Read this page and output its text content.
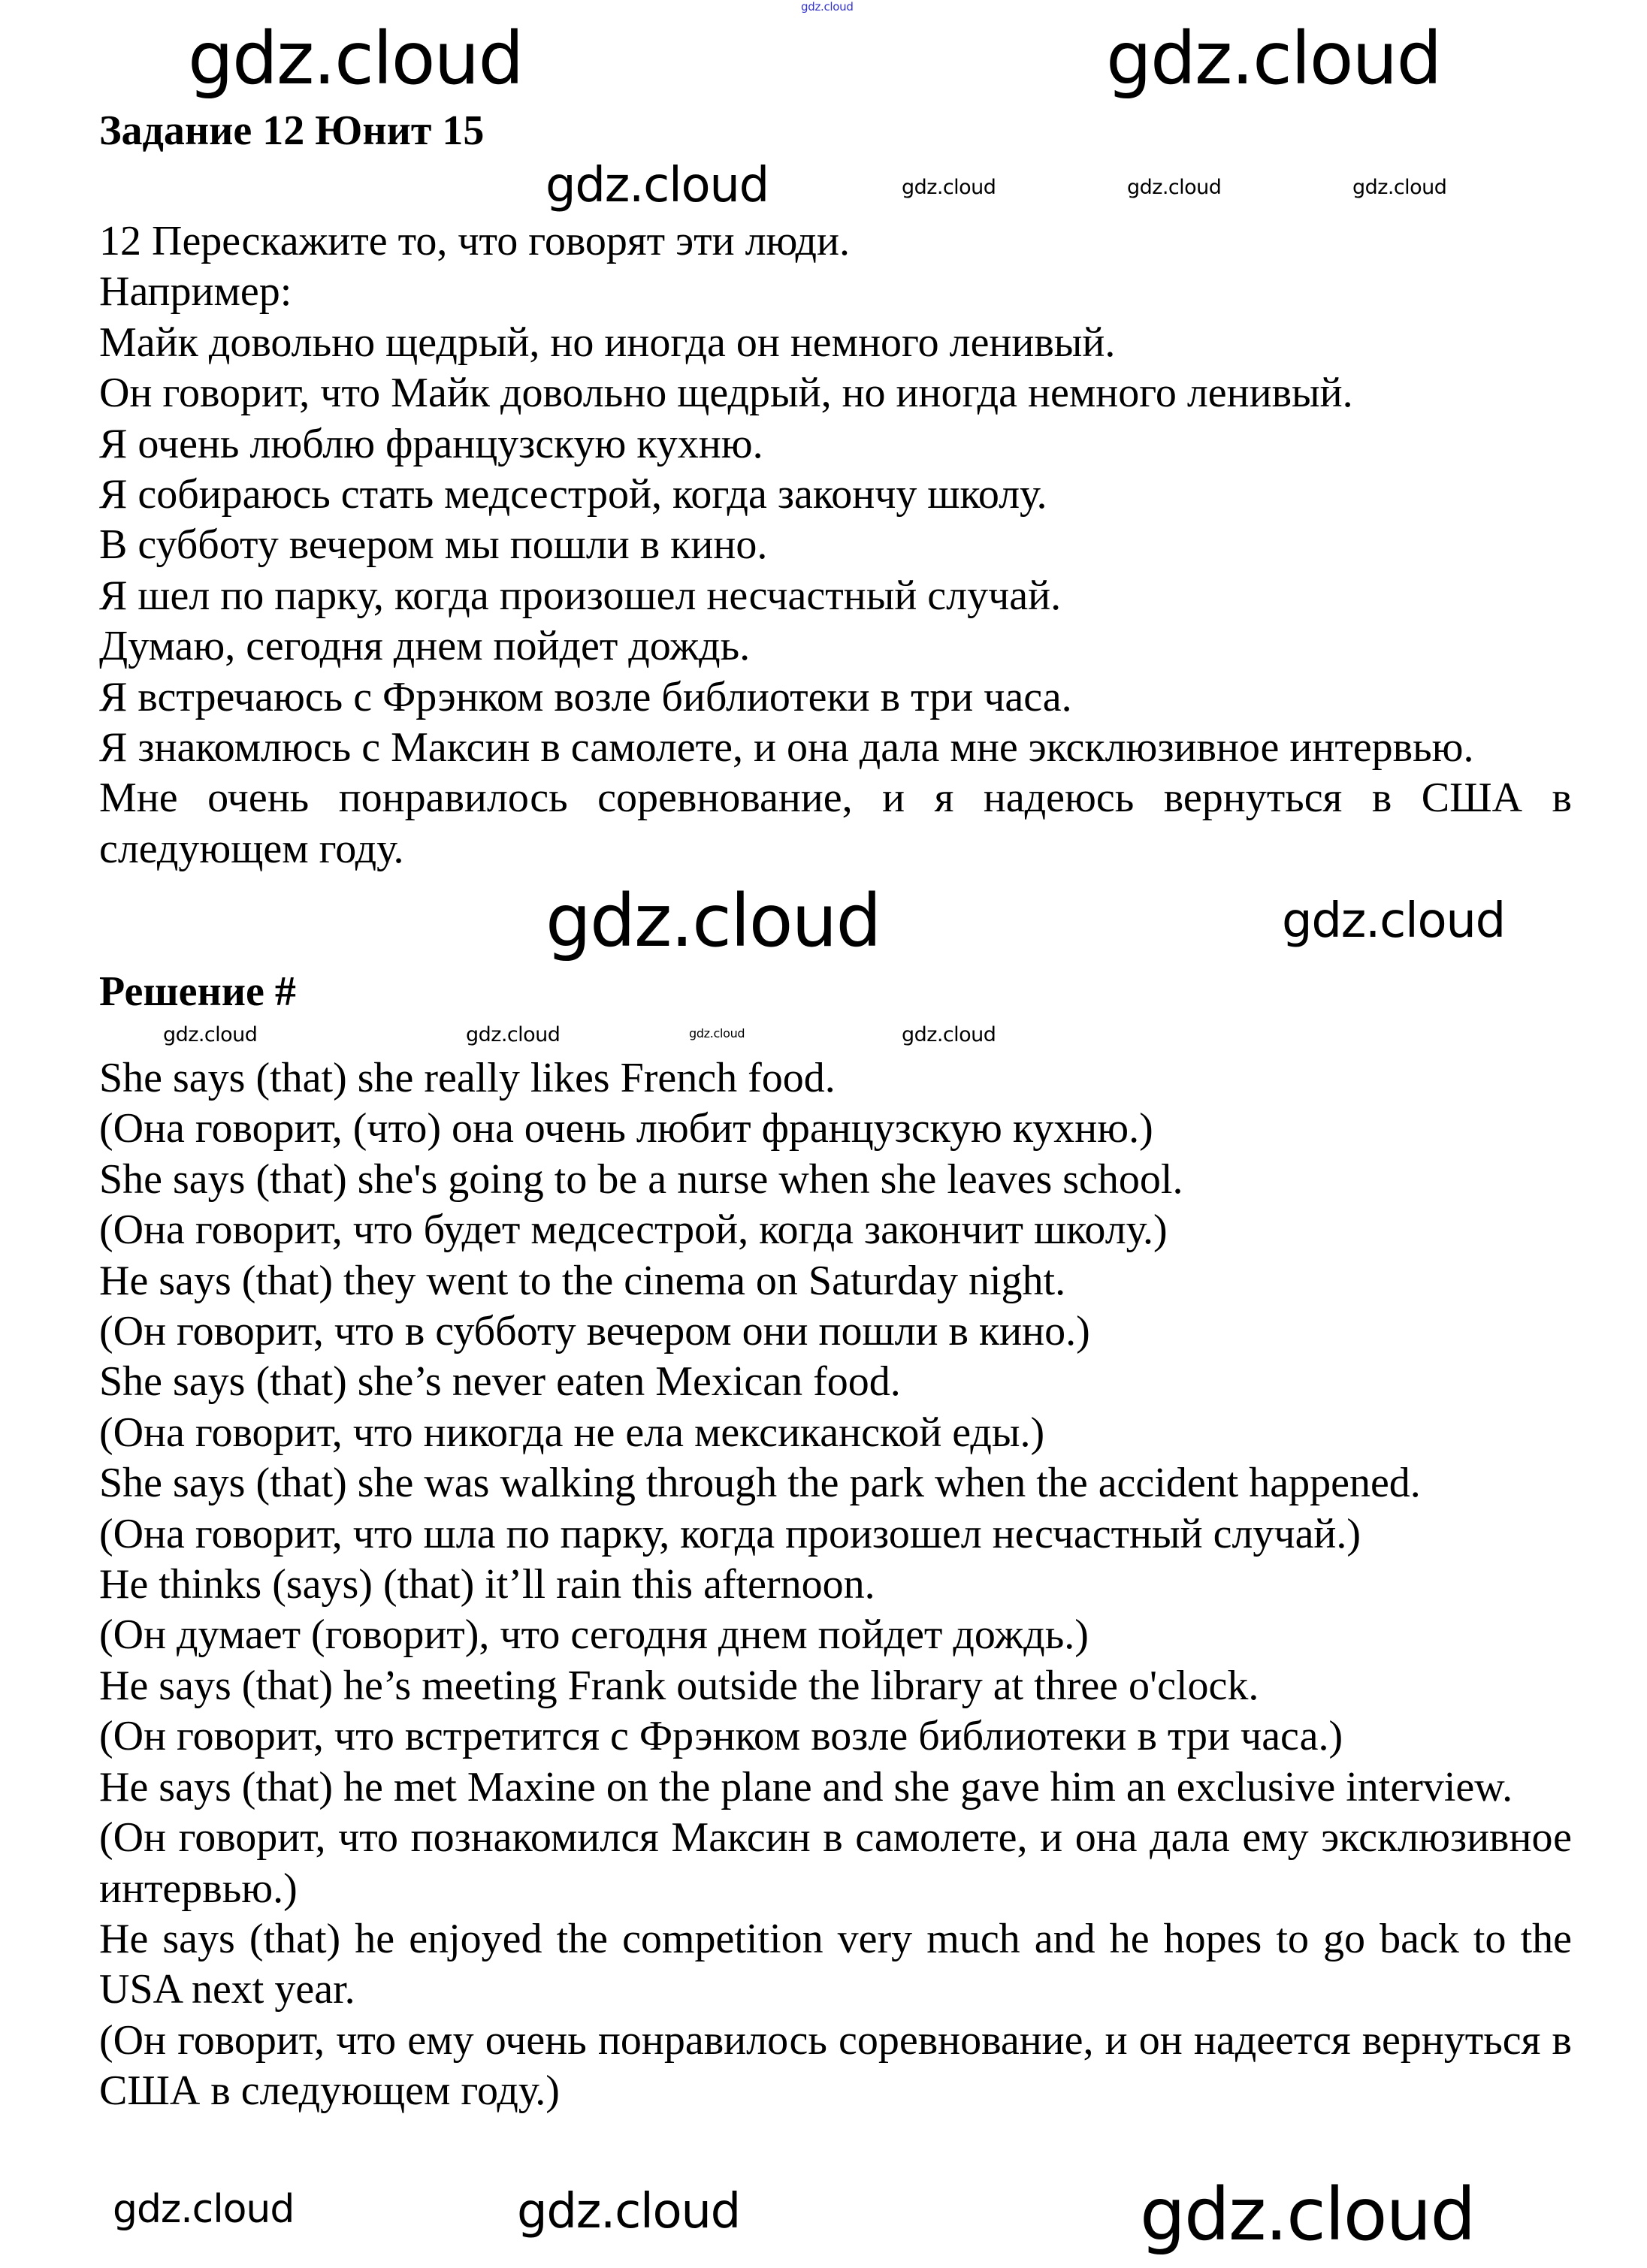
gdz.cloud
Задание 12 Юнит 15

12 Перескажите то, что говорят эти люди.

Например:

Майк довольно щедрый, но иногда он немного ленивый.

Он говорит, что Майк довольно щедрый, но иногда немного ленивый.

Я очень люблю французскую кухню.

Я собираюсь стать медсестрой, когда закончу школу.

В субботу вечером мы пошли в кино.

Я шел по парку, когда произошел несчастный случай.

Думаю, сегодня днем пойдет дождь.

Я встречаюсь с Фрэнком возле библиотеки в три часа.

Я знакомлюсь с Максин в самолете, и она дала мне эксклюзивное интервью.

Мне очень понравилось соревнование, и я надеюсь вернуться в США в следующем году.

Решение #

She says (that) she really likes French food.

(Она говорит, (что) она очень любит французскую кухню.)

She says (that) she's going to be a nurse when she leaves school.

(Она говорит, что будет медсестрой, когда закончит школу.)

He says (that) they went to the cinema on Saturday night.

(Он говорит, что в субботу вечером они пошли в кино.)

She says (that) she’s never eaten Mexican food.

(Она говорит, что никогда не ела мексиканской еды.)

She says (that) she was walking through the park when the accident happened.

(Она говорит, что шла по парку, когда произошел несчастный случай.)

He thinks (says) (that) it’ll rain this afternoon.

(Он думает (говорит), что сегодня днем пойдет дождь.)

He says (that) he’s meeting Frank outside the library at three o'clock.

(Он говорит, что встретится с Фрэнком возле библиотеки в три часа.)

He says (that) he met Maxine on the plane and she gave him an exclusive interview.

(Он говорит, что познакомился Максин в самолете, и она дала ему эксклюзивное интервью.)

He says (that) he enjoyed the competition very much and he hopes to go back to the USA next year.

(Он говорит, что ему очень понравилось соревнование, и он надеется вернуться в США в следующем году.)

gdz.cloud	gdz.cloud
gdz.cloud
gdz.cloud	gdz.cloud
gdz.cloud
gdz.cloud
gdz.cloud
gdz.cloud	gdz.cloud	gdz.cloud	gdz.cloud
gdz.cloud	gdz.cloud	gdz.cloud
